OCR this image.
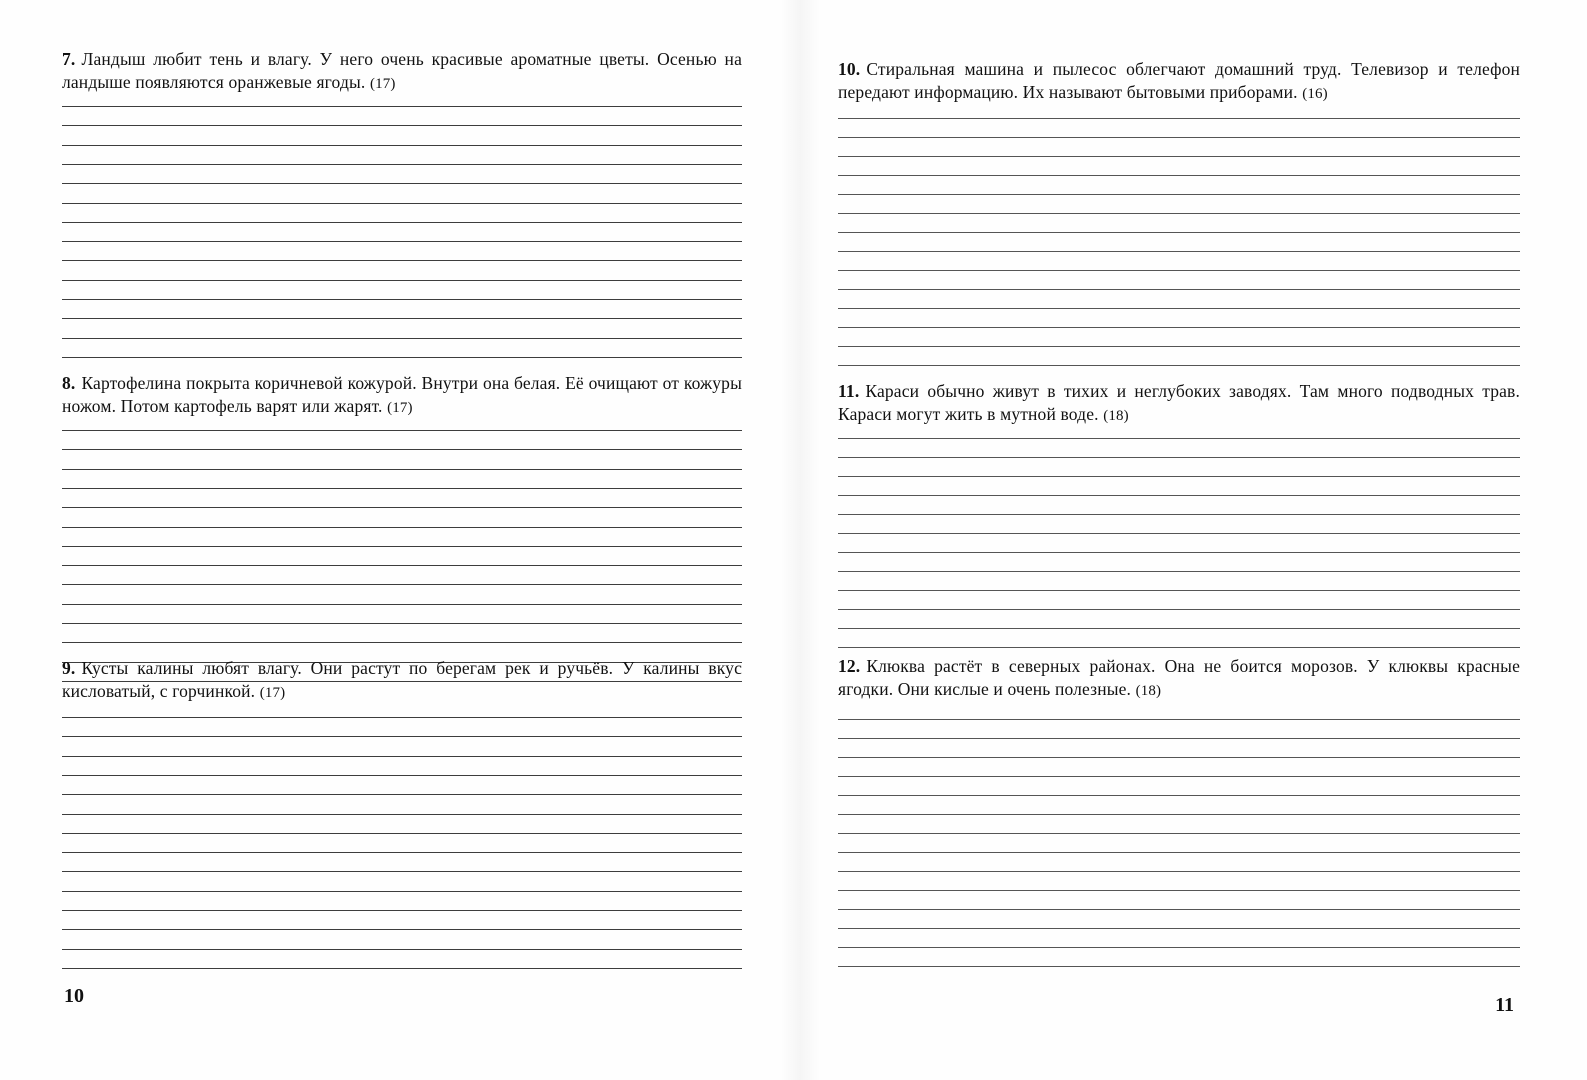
7. Ландыш любит тень и влагу. У него очень красивые ароматные цветы. Осенью на ландыше появляются оранжевые ягоды. (17)
8. Картофелина покрыта коричневой кожурой. Внутри она белая. Её очищают от кожуры ножом. Потом картофель варят или жарят. (17)
9. Кусты калины любят влагу. Они растут по берегам рек и ручьёв. У калины вкус кисловатый, с горчинкой. (17)
10
10. Стиральная машина и пылесос облегчают домашний труд. Телевизор и телефон передают информацию. Их называют бытовыми приборами. (16)
11. Караси обычно живут в тихих и неглубоких заводях. Там много подводных трав. Караси могут жить в мутной воде. (18)
12. Клюква растёт в северных районах. Она не боится морозов. У клюквы красные ягодки. Они кислые и очень полезные. (18)
11
